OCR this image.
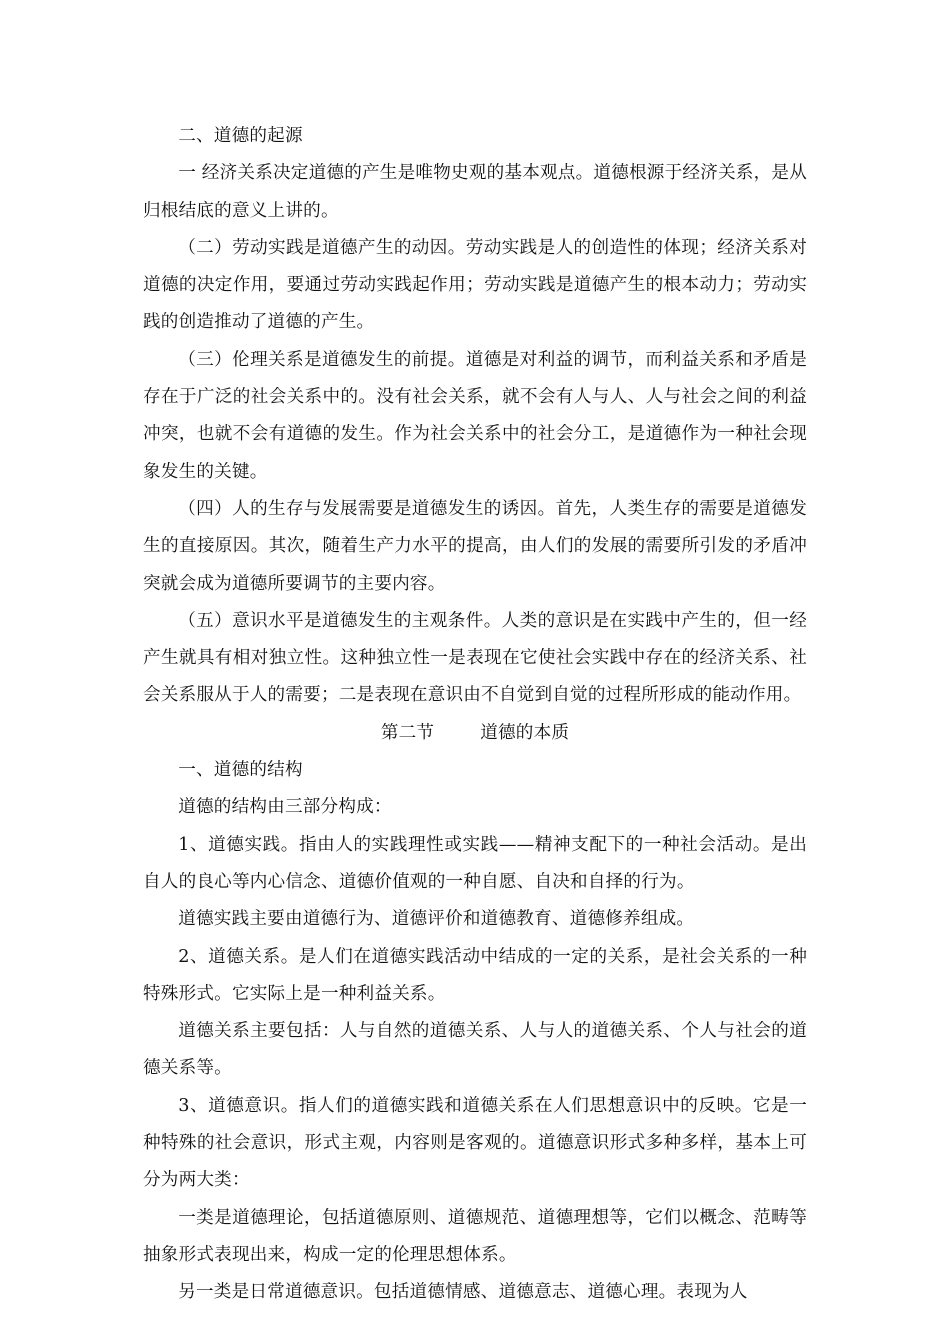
二、道德的起源

一 经济关系决定道德的产生是唯物史观的基本观点。道德根源于经济关系，是从归根结底的意义上讲的。

（二）劳动实践是道德产生的动因。劳动实践是人的创造性的体现；经济关系对道德的决定作用，要通过劳动实践起作用；劳动实践是道德产生的根本动力；劳动实践的创造推动了道德的产生。

（三）伦理关系是道德发生的前提。道德是对利益的调节，而利益关系和矛盾是存在于广泛的社会关系中的。没有社会关系，就不会有人与人、人与社会之间的利益冲突，也就不会有道德的发生。作为社会关系中的社会分工，是道德作为一种社会现象发生的关键。

（四）人的生存与发展需要是道德发生的诱因。首先，人类生存的需要是道德发生的直接原因。其次，随着生产力水平的提高，由人们的发展的需要所引发的矛盾冲突就会成为道德所要调节的主要内容。

（五）意识水平是道德发生的主观条件。人类的意识是在实践中产生的，但一经产生就具有相对独立性。这种独立性一是表现在它使社会实践中存在的经济关系、社会关系服从于人的需要；二是表现在意识由不自觉到自觉的过程所形成的能动作用。

第二节	道德的本质

一、道德的结构

道德的结构由三部分构成：

1、道德实践。指由人的实践理性或实践——精神支配下的一种社会活动。是出自人的良心等内心信念、道德价值观的一种自愿、自决和自择的行为。

道德实践主要由道德行为、道德评价和道德教育、道德修养组成。

2、道德关系。是人们在道德实践活动中结成的一定的关系，是社会关系的一种特殊形式。它实际上是一种利益关系。

道德关系主要包括：人与自然的道德关系、人与人的道德关系、个人与社会的道德关系等。

3、道德意识。指人们的道德实践和道德关系在人们思想意识中的反映。它是一种特殊的社会意识，形式主观，内容则是客观的。道德意识形式多种多样，基本上可分为两大类：

一类是道德理论，包括道德原则、道德规范、道德理想等，它们以概念、范畴等抽象形式表现出来，构成一定的伦理思想体系。

另一类是日常道德意识。包括道德情感、道德意志、道德心理。表现为人
